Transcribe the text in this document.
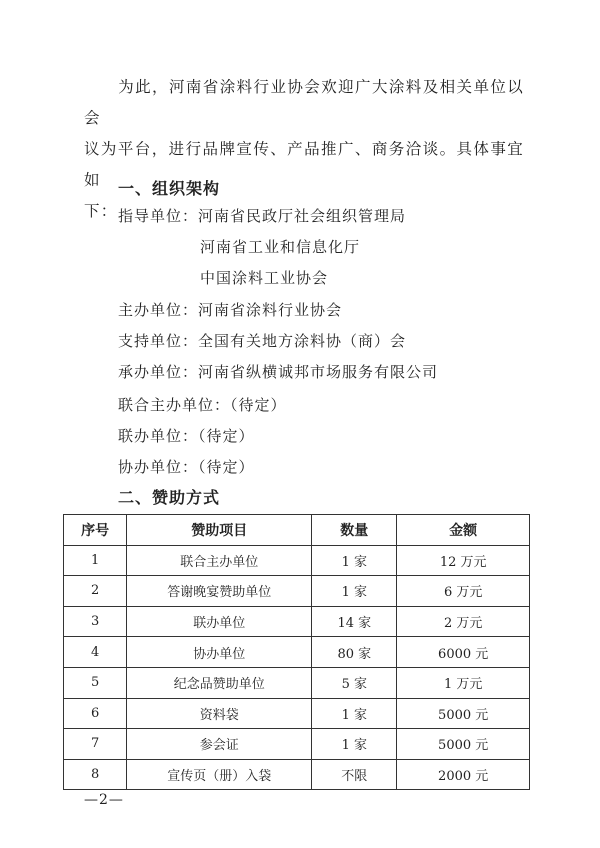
为此，河南省涂料行业协会欢迎广大涂料及相关单位以会
议为平台，进行品牌宣传、产品推广、商务洽谈。具体事宜如
下：

一、组织架构
指导单位：河南省民政厅社会组织管理局
河南省工业和信息化厅
中国涂料工业协会
主办单位：河南省涂料行业协会
支持单位：全国有关地方涂料协（商）会
承办单位：河南省纵横诚邦市场服务有限公司
联合主办单位：（待定）
联办单位：（待定）
协办单位：（待定）
二、赞助方式
序号	赞助项目	数量	金额
1	联合主办单位	1 家	12 万元
2	答谢晚宴赞助单位	1 家	6 万元
3	联办单位	14 家	2 万元
4	协办单位	80 家	6000 元
5	纪念品赞助单位	5 家	1 万元
6	资料袋	1 家	5000 元
7	参会证	1 家	5000 元
8	宣传页（册）入袋	不限	2000 元
—2—
